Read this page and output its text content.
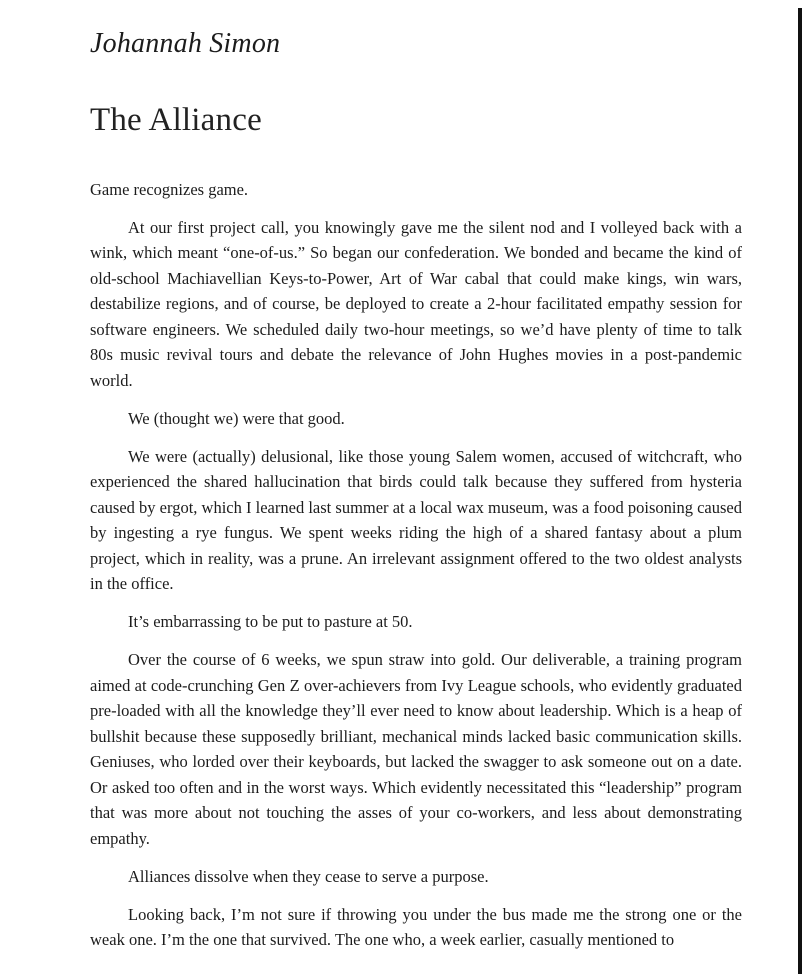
Johannah Simon
The Alliance

Game recognizes game.

At our first project call, you knowingly gave me the silent nod and I volleyed back with a wink, which meant “one-of-us.” So began our confederation. We bonded and became the kind of old-school Machiavellian Keys-to-Power, Art of War cabal that could make kings, win wars, destabilize regions, and of course, be deployed to create a 2-hour facilitated empathy session for software engineers. We scheduled daily two-hour meetings, so we’d have plenty of time to talk 80s music revival tours and debate the relevance of John Hughes movies in a post-pandemic world.

We (thought we) were that good.

We were (actually) delusional, like those young Salem women, accused of witchcraft, who experienced the shared hallucination that birds could talk because they suffered from hysteria caused by ergot, which I learned last summer at a local wax museum, was a food poisoning caused by ingesting a rye fungus. We spent weeks riding the high of a shared fantasy about a plum project, which in reality, was a prune. An irrelevant assignment offered to the two oldest analysts in the office.

It’s embarrassing to be put to pasture at 50.

Over the course of 6 weeks, we spun straw into gold. Our deliverable, a training program aimed at code-crunching Gen Z over-achievers from Ivy League schools, who evidently graduated pre-loaded with all the knowledge they’ll ever need to know about leadership. Which is a heap of bullshit because these supposedly brilliant, mechanical minds lacked basic communication skills. Geniuses, who lorded over their keyboards, but lacked the swagger to ask someone out on a date. Or asked too often and in the worst ways. Which evidently necessitated this “leadership” program that was more about not touching the asses of your co-workers, and less about demonstrating empathy.

Alliances dissolve when they cease to serve a purpose.

Looking back, I’m not sure if throwing you under the bus made me the strong one or the weak one. I’m the one that survived. The one who, a week earlier, casually mentioned to
